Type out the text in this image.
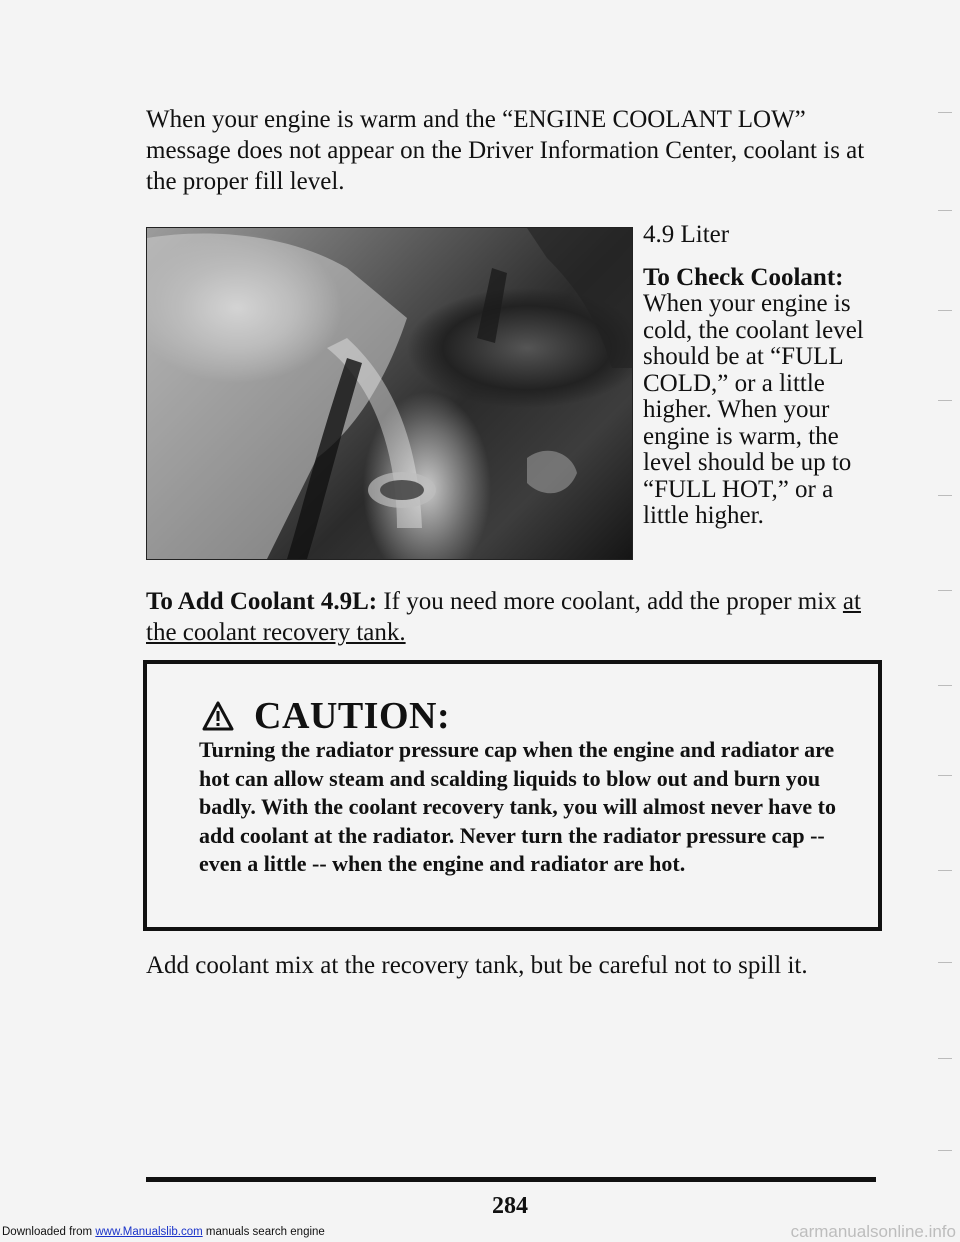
When your engine is warm and the “ENGINE COOLANT LOW” message does not appear on the Driver Information Center, coolant is at the proper fill level.
4.9 Liter
To Check Coolant:
When your engine is cold, the coolant level should be at “FULL COLD,” or a little higher. When your engine is warm, the level should be up to “FULL HOT,” or a little higher.
To Add Coolant 4.9L: If you need more coolant, add the proper mix at the coolant recovery tank.
CAUTION:
Turning the radiator pressure cap when the engine and radiator are hot can allow steam and scalding liquids to blow out and burn you badly. With the coolant recovery tank, you will almost never have to add coolant at the radiator. Never turn the radiator pressure cap -- even a little -- when the engine and radiator are hot.
Add coolant mix at the recovery tank, but be careful not to spill it.
284
Downloaded from www.Manualslib.com manuals search engine	carmanualsonline.info
